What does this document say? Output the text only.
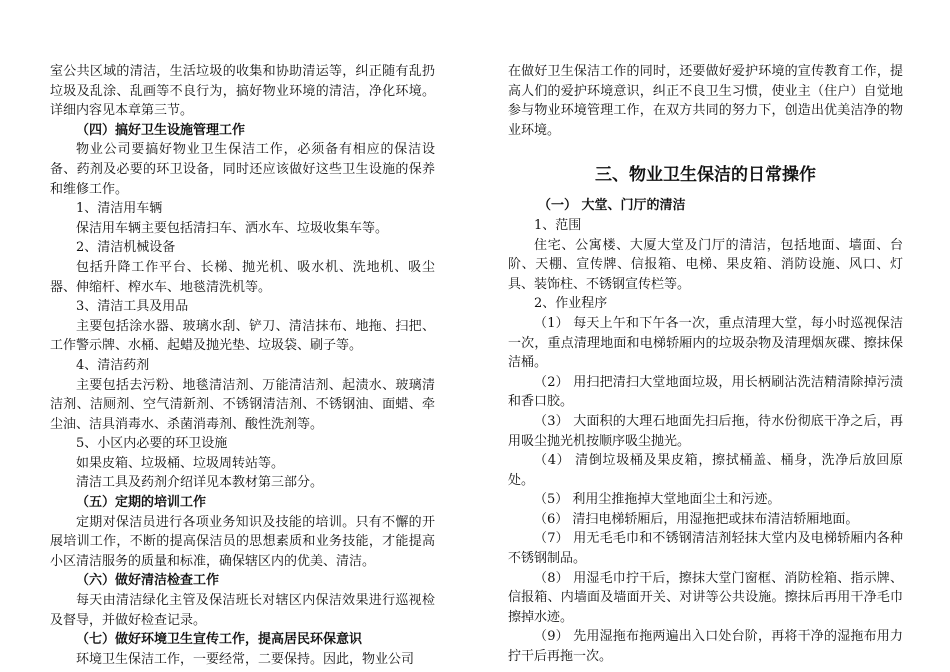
室公共区域的清洁，生活垃圾的收集和协助清运等，纠正随有乱扔垃圾及乱涂、乱画等不良行为，搞好物业环境的清洁，净化环境。详细内容见本章第三节。

（四）搞好卫生设施管理工作

物业公司要搞好物业卫生保洁工作，必须备有相应的保洁设备、药剂及必要的环卫设备，同时还应该做好这些卫生设施的保养和维修工作。

1、清洁用车辆

保洁用车辆主要包括清扫车、洒水车、垃圾收集车等。

2、清洁机械设备

包括升降工作平台、长梯、抛光机、吸水机、洗地机、吸尘器、伸缩杆、榨水车、地毯清洗机等。

3、清洁工具及用品

主要包括涂水器、玻璃水刮、铲刀、清洁抹布、地拖、扫把、工作警示牌、水桶、起蜡及抛光垫、垃圾袋、刷子等。

4、清洁药剂

主要包括去污粉、地毯清洁剂、万能清洁剂、起渍水、玻璃清洁剂、洁厕剂、空气清新剂、不锈钢清洁剂、不锈钢油、面蜡、牵尘油、洁具消毒水、杀菌消毒剂、酸性洗剂等。

5、小区内必要的环卫设施

如果皮箱、垃圾桶、垃圾周转站等。

清洁工具及药剂介绍详见本教材第三部分。

（五）定期的培训工作

定期对保洁员进行各项业务知识及技能的培训。只有不懈的开展培训工作，不断的提高保洁员的思想素质和业务技能，才能提高小区清洁服务的质量和标准，确保辖区内的优美、清洁。

（六）做好清洁检查工作

每天由清洁绿化主管及保洁班长对辖区内保洁效果进行巡视检及督导，并做好检查记录。

（七）做好环境卫生宣传工作，提高居民环保意识

环境卫生保洁工作，一要经常，二要保持。因此，物业公司

在做好卫生保洁工作的同时，还要做好爱护环境的宣传教育工作，提高人们的爱护环境意识，纠正不良卫生习惯，使业主（住户）自觉地参与物业环境管理工作，在双方共同的努力下，创造出优美洁净的物业环境。

三、物业卫生保洁的日常操作

（一） 大堂、门厅的清洁

1、范围

住宅、公寓楼、大厦大堂及门厅的清洁，包括地面、墙面、台阶、天棚、宣传牌、信报箱、电梯、果皮箱、消防设施、风口、灯具、装饰柱、不锈钢宣传栏等。

2、作业程序

（1） 每天上午和下午各一次，重点清理大堂，每小时巡视保洁一次，重点清理地面和电梯轿厢内的垃圾杂物及清理烟灰碟、擦抹保洁桶。

（2） 用扫把清扫大堂地面垃圾，用长柄刷沾洗洁精清除掉污渍和香口胶。

（3） 大面积的大理石地面先扫后拖，待水份彻底干净之后，再用吸尘抛光机按顺序吸尘抛光。

（4） 清倒垃圾桶及果皮箱，擦拭桶盖、桶身，洗净后放回原处。

（5） 利用尘推拖掉大堂地面尘土和污迹。

（6） 清扫电梯轿厢后，用湿拖把或抹布清洁轿厢地面。

（7） 用无毛毛巾和不锈钢清洁剂轻抹大堂内及电梯轿厢内各种不锈钢制品。

（8） 用湿毛巾拧干后，擦抹大堂门窗框、消防栓箱、指示牌、信报箱、内墙面及墙面开关、对讲等公共设施。擦抹后再用干净毛巾擦掉水迹。

（9） 先用湿拖布拖两遍出入口处台阶，再将干净的湿拖布用力拧干后再拖一次。
